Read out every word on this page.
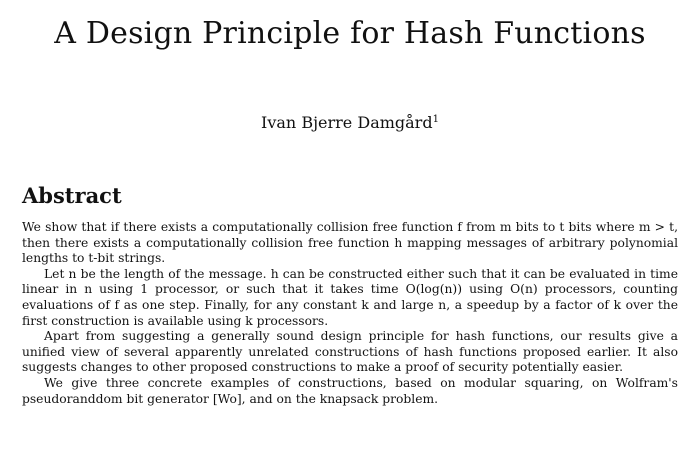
A Design Principle for Hash Functions
Ivan Bjerre Damgård$^1$
Abstract

We show that if there exists a computationally collision free function f from m bits to t bits where m > t, then there exists a computationally collision free function h mapping messages of arbitrary polynomial lengths to t-bit strings.

Let n be the length of the message. h can be constructed either such that it can be evaluated in time linear in n using 1 processor, or such that it takes time O(log(n)) using O(n) processors, counting evaluations of f as one step. Finally, for any constant k and large n, a speedup by a factor of k over the first construction is available using k processors.

Apart from suggesting a generally sound design principle for hash functions, our results give a unified view of several apparently unrelated constructions of hash functions proposed earlier. It also suggests changes to other proposed constructions to make a proof of security potentially easier.

We give three concrete examples of constructions, based on modular squaring, on Wolfram's pseudoranddom bit generator [Wo], and on the knapsack problem.
